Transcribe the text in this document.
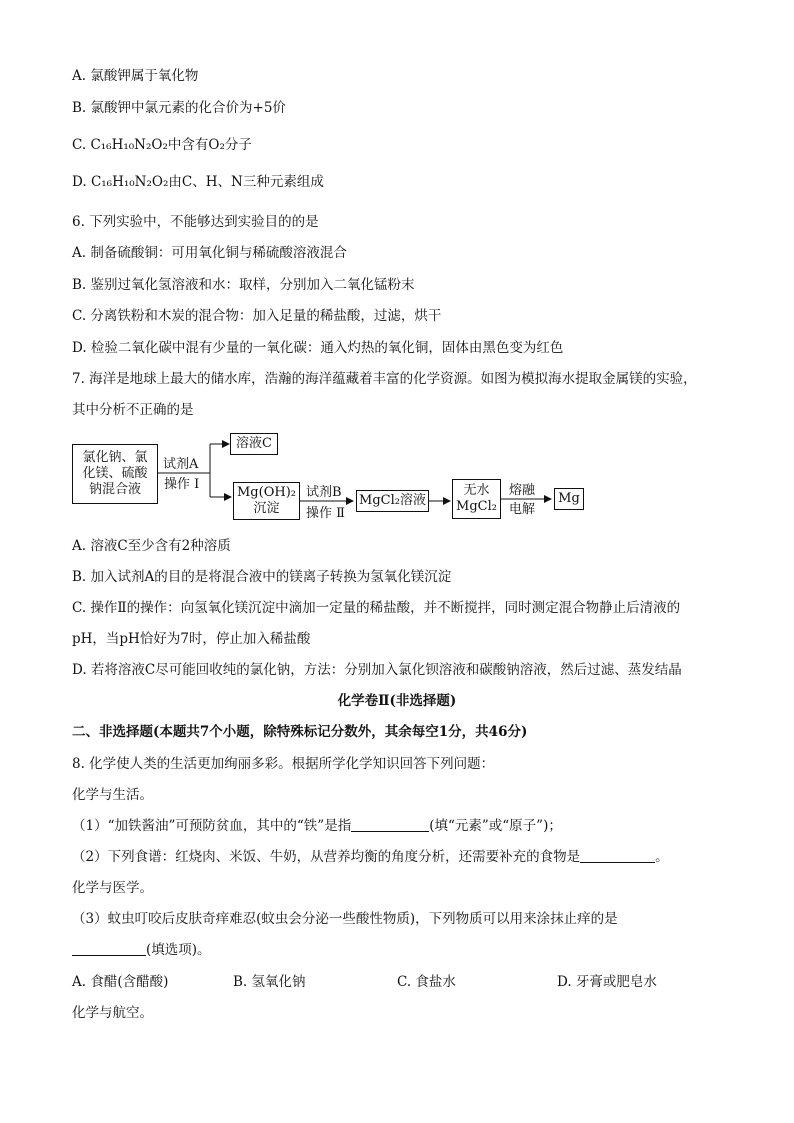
A. 氯酸钾属于氧化物
B. 氯酸钾中氯元素的化合价为+5价
C. C₁₆H₁₀N₂O₂中含有O₂分子
D. C₁₆H₁₀N₂O₂由C、H、N三种元素组成
6. 下列实验中，不能够达到实验目的的是
A. 制备硫酸铜：可用氧化铜与稀硫酸溶液混合
B. 鉴别过氧化氢溶液和水：取样，分别加入二氧化锰粉末
C. 分离铁粉和木炭的混合物：加入足量的稀盐酸，过滤，烘干
D. 检验二氧化碳中混有少量的一氧化碳：通入灼热的氧化铜，固体由黑色变为红色
7. 海洋是地球上最大的储水库，浩瀚的海洋蕴藏着丰富的化学资源。如图为模拟海水提取金属镁的实验，
其中分析不正确的是
氯化钠、氯
化镁、硫酸
钠混合液
试剂A
操作 Ⅰ
溶液C
Mg(OH)₂
沉淀
试剂B
操作 Ⅱ
MgCl₂溶液
无水
MgCl₂
熔融
电解
Mg
A. 溶液C至少含有2种溶质
B. 加入试剂A的目的是将混合液中的镁离子转换为氢氧化镁沉淀
C. 操作Ⅱ的操作：向氢氧化镁沉淀中滴加一定量的稀盐酸，并不断搅拌，同时测定混合物静止后清液的
pH，当pH恰好为7时，停止加入稀盐酸
D. 若将溶液C尽可能回收纯的氯化钠，方法：分别加入氯化钡溶液和碳酸钠溶液，然后过滤、蒸发结晶
化学卷Ⅱ(非选择题)
二、非选择题(本题共7个小题，除特殊标记分数外，其余每空1分，共46分)
8. 化学使人类的生活更加绚丽多彩。根据所学化学知识回答下列问题：
化学与生活。
（1）“加铁酱油”可预防贫血，其中的“铁”是指	(填“元素”或“原子”)；
（2）下列食谱：红烧肉、米饭、牛奶，从营养均衡的角度分析，还需要补充的食物是	。
化学与医学。
（3）蚊虫叮咬后皮肤奇痒难忍(蚊虫会分泌一些酸性物质)，下列物质可以用来涂抹止痒的是
(填选项)。
A. 食醋(含醋酸)	B. 氢氧化钠	C. 食盐水	D. 牙膏或肥皂水
化学与航空。
